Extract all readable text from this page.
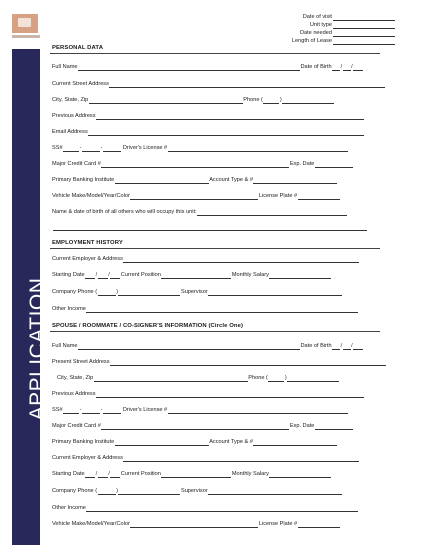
APPLICATION
Date of visit
Unit type
Date needed
Length of Lease
PERSONAL DATA
Full Name	Date of Birth / /
Current Street Address
City, State, Zip	Phone (	)
Previous Address
Email Address
SS#	-	-	Driver's License #
Major Credit Card #	Exp. Date
Primary Banking Institute	Account Type & #
Vehicle Make/Model/Year/Color	License Plate #
Name & date of birth of all others who will occupy this unit:
EMPLOYMENT HISTORY
Current Employer & Address
Starting Date / / Current Position	Monthly Salary
Company Phone (	)	Supervisor
Other Income
SPOUSE / ROOMMATE / CO-SIGNER'S INFORMATION (Circle One)
Full Name	Date of Birth / /
Present Street Address
City, State, Zip	Phone (	)
Previous Address
SS#	-	-	Driver's License #
Major Credit Card #	Exp. Date
Primary Banking Institute	Account Type & #
Current Employer & Address
Starting Date / / Current Position	Monthly Salary
Company Phone (	)	Supervisor
Other Income
Vehicle Make/Model/Year/Color	License Plate #
